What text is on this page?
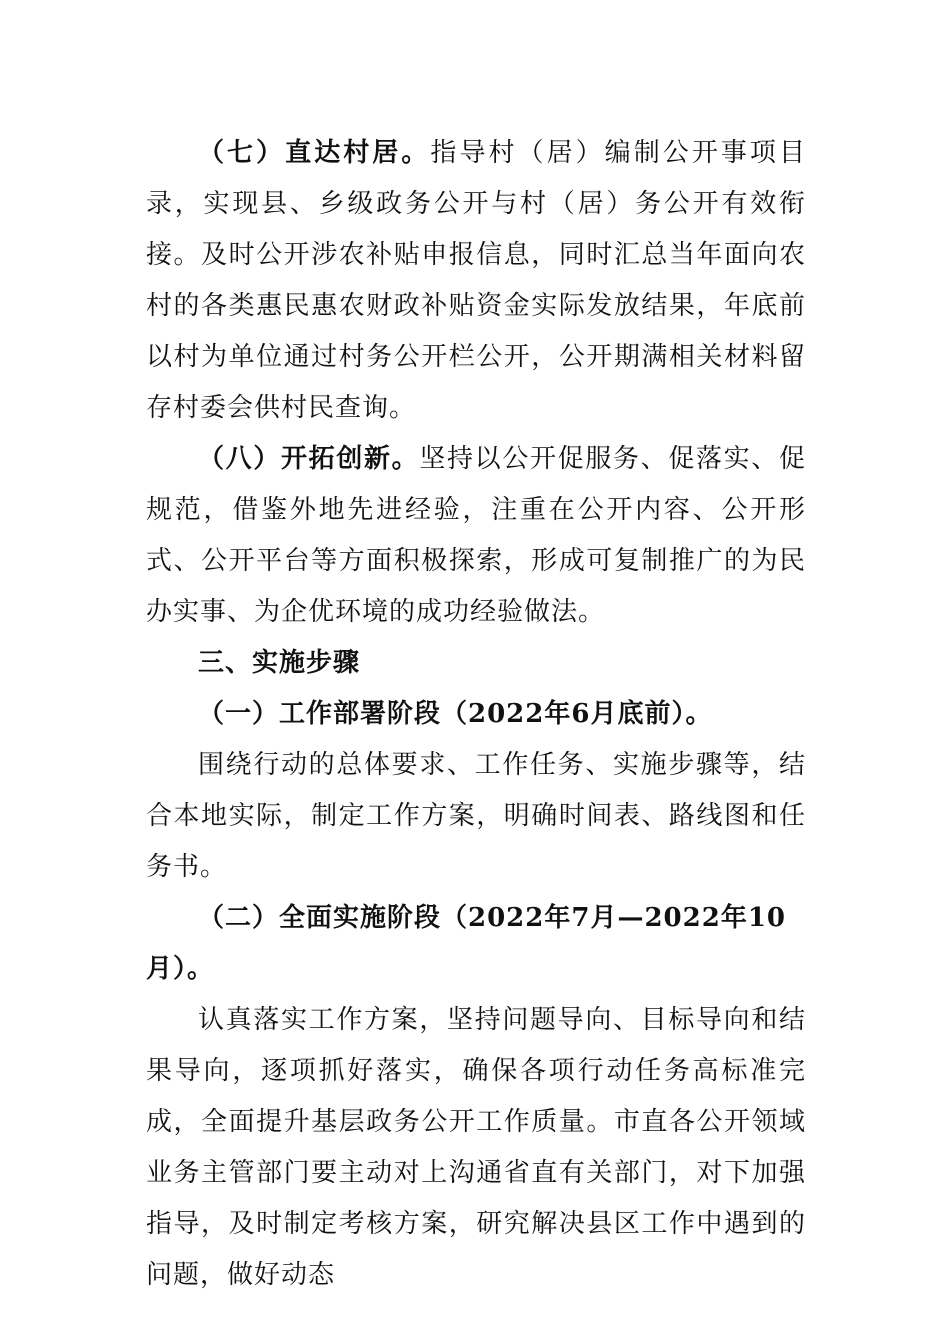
（七）直达村居。指导村（居）编制公开事项目录，实现县、乡级政务公开与村（居）务公开有效衔接。及时公开涉农补贴申报信息，同时汇总当年面向农村的各类惠民惠农财政补贴资金实际发放结果，年底前以村为单位通过村务公开栏公开，公开期满相关材料留存村委会供村民查询。

（八）开拓创新。坚持以公开促服务、促落实、促规范，借鉴外地先进经验，注重在公开内容、公开形式、公开平台等方面积极探索，形成可复制推广的为民办实事、为企优环境的成功经验做法。

三、实施步骤

（一）工作部署阶段（2022年6月底前）。

围绕行动的总体要求、工作任务、实施步骤等，结合本地实际，制定工作方案，明确时间表、路线图和任务书。

（二）全面实施阶段（2022年7月—2022年10月）。

认真落实工作方案，坚持问题导向、目标导向和结果导向，逐项抓好落实，确保各项行动任务高标准完成，全面提升基层政务公开工作质量。市直各公开领域业务主管部门要主动对上沟通省直有关部门，对下加强指导，及时制定考核方案，研究解决县区工作中遇到的问题，做好动态
